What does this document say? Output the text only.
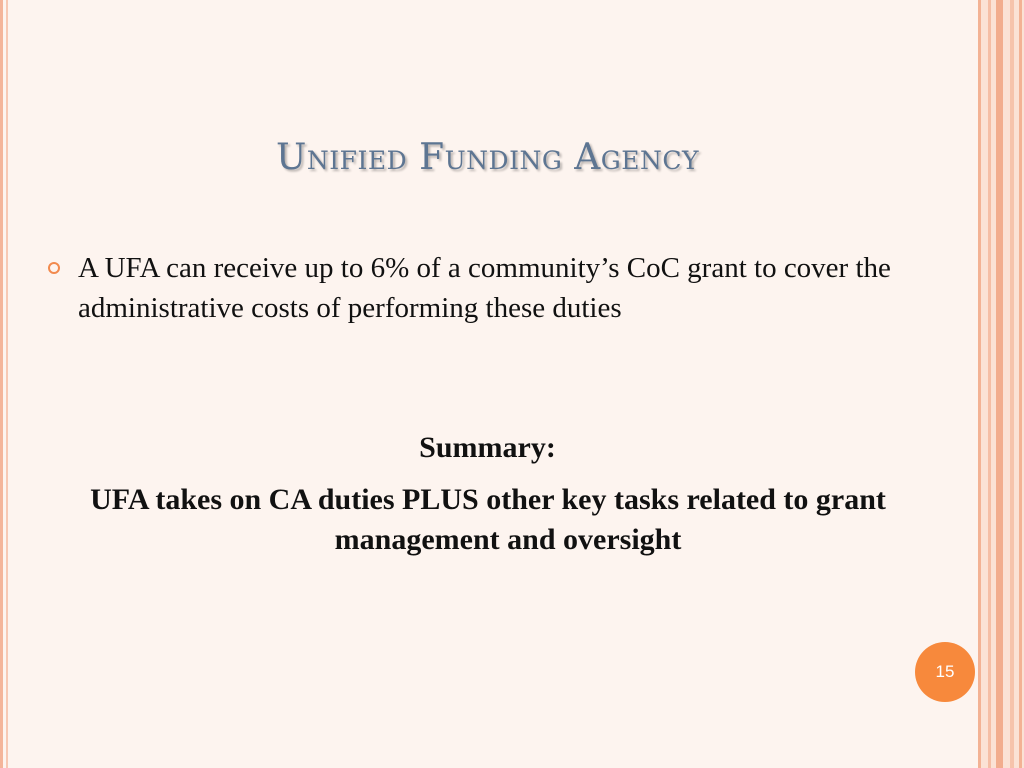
Unified Funding Agency
A UFA can receive up to 6% of a community’s CoC grant to cover the administrative costs of performing these duties
Summary:
UFA takes on CA duties PLUS other key tasks related to grant management and oversight
15
